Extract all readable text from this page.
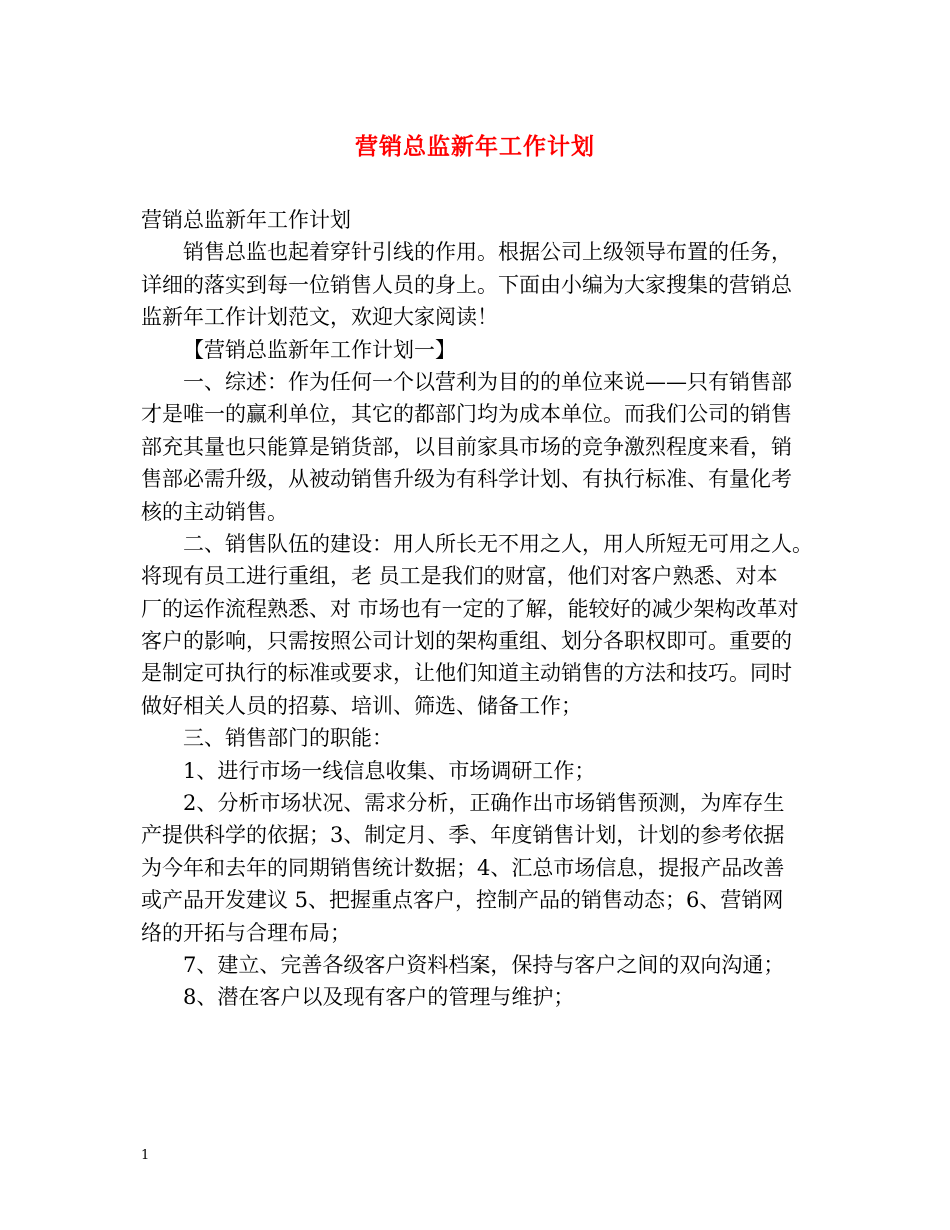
营销总监新年工作计划
营销总监新年工作计划
销售总监也起着穿针引线的作用。根据公司上级领导布置的任务，
详细的落实到每一位销售人员的身上。下面由小编为大家搜集的营销总
监新年工作计划范文，欢迎大家阅读！
【营销总监新年工作计划一】
一、综述：作为任何一个以营利为目的的单位来说——只有销售部
才是唯一的赢利单位，其它的都部门均为成本单位。而我们公司的销售
部充其量也只能算是销货部，以目前家具市场的竞争激烈程度来看，销
售部必需升级，从被动销售升级为有科学计划、有执行标准、有量化考
核的主动销售。
二、销售队伍的建设：用人所长无不用之人，用人所短无可用之人。
将现有员工进行重组，老 员工是我们的财富，他们对客户熟悉、对本
厂的运作流程熟悉、对 市场也有一定的了解，能较好的减少架构改革对
客户的影响，只需按照公司计划的架构重组、划分各职权即可。重要的
是制定可执行的标准或要求，让他们知道主动销售的方法和技巧。同时
做好相关人员的招募、培训、筛选、储备工作；
三、销售部门的职能：
1、进行市场一线信息收集、市场调研工作；
2、分析市场状况、需求分析，正确作出市场销售预测，为库存生
产提供科学的依据；3、制定月、季、年度销售计划，计划的参考依据
为今年和去年的同期销售统计数据；4、汇总市场信息，提报产品改善
或产品开发建议 5、把握重点客户，控制产品的销售动态；6、营销网
络的开拓与合理布局；
7、建立、完善各级客户资料档案，保持与客户之间的双向沟通；
8、潜在客户以及现有客户的管理与维护；
1
